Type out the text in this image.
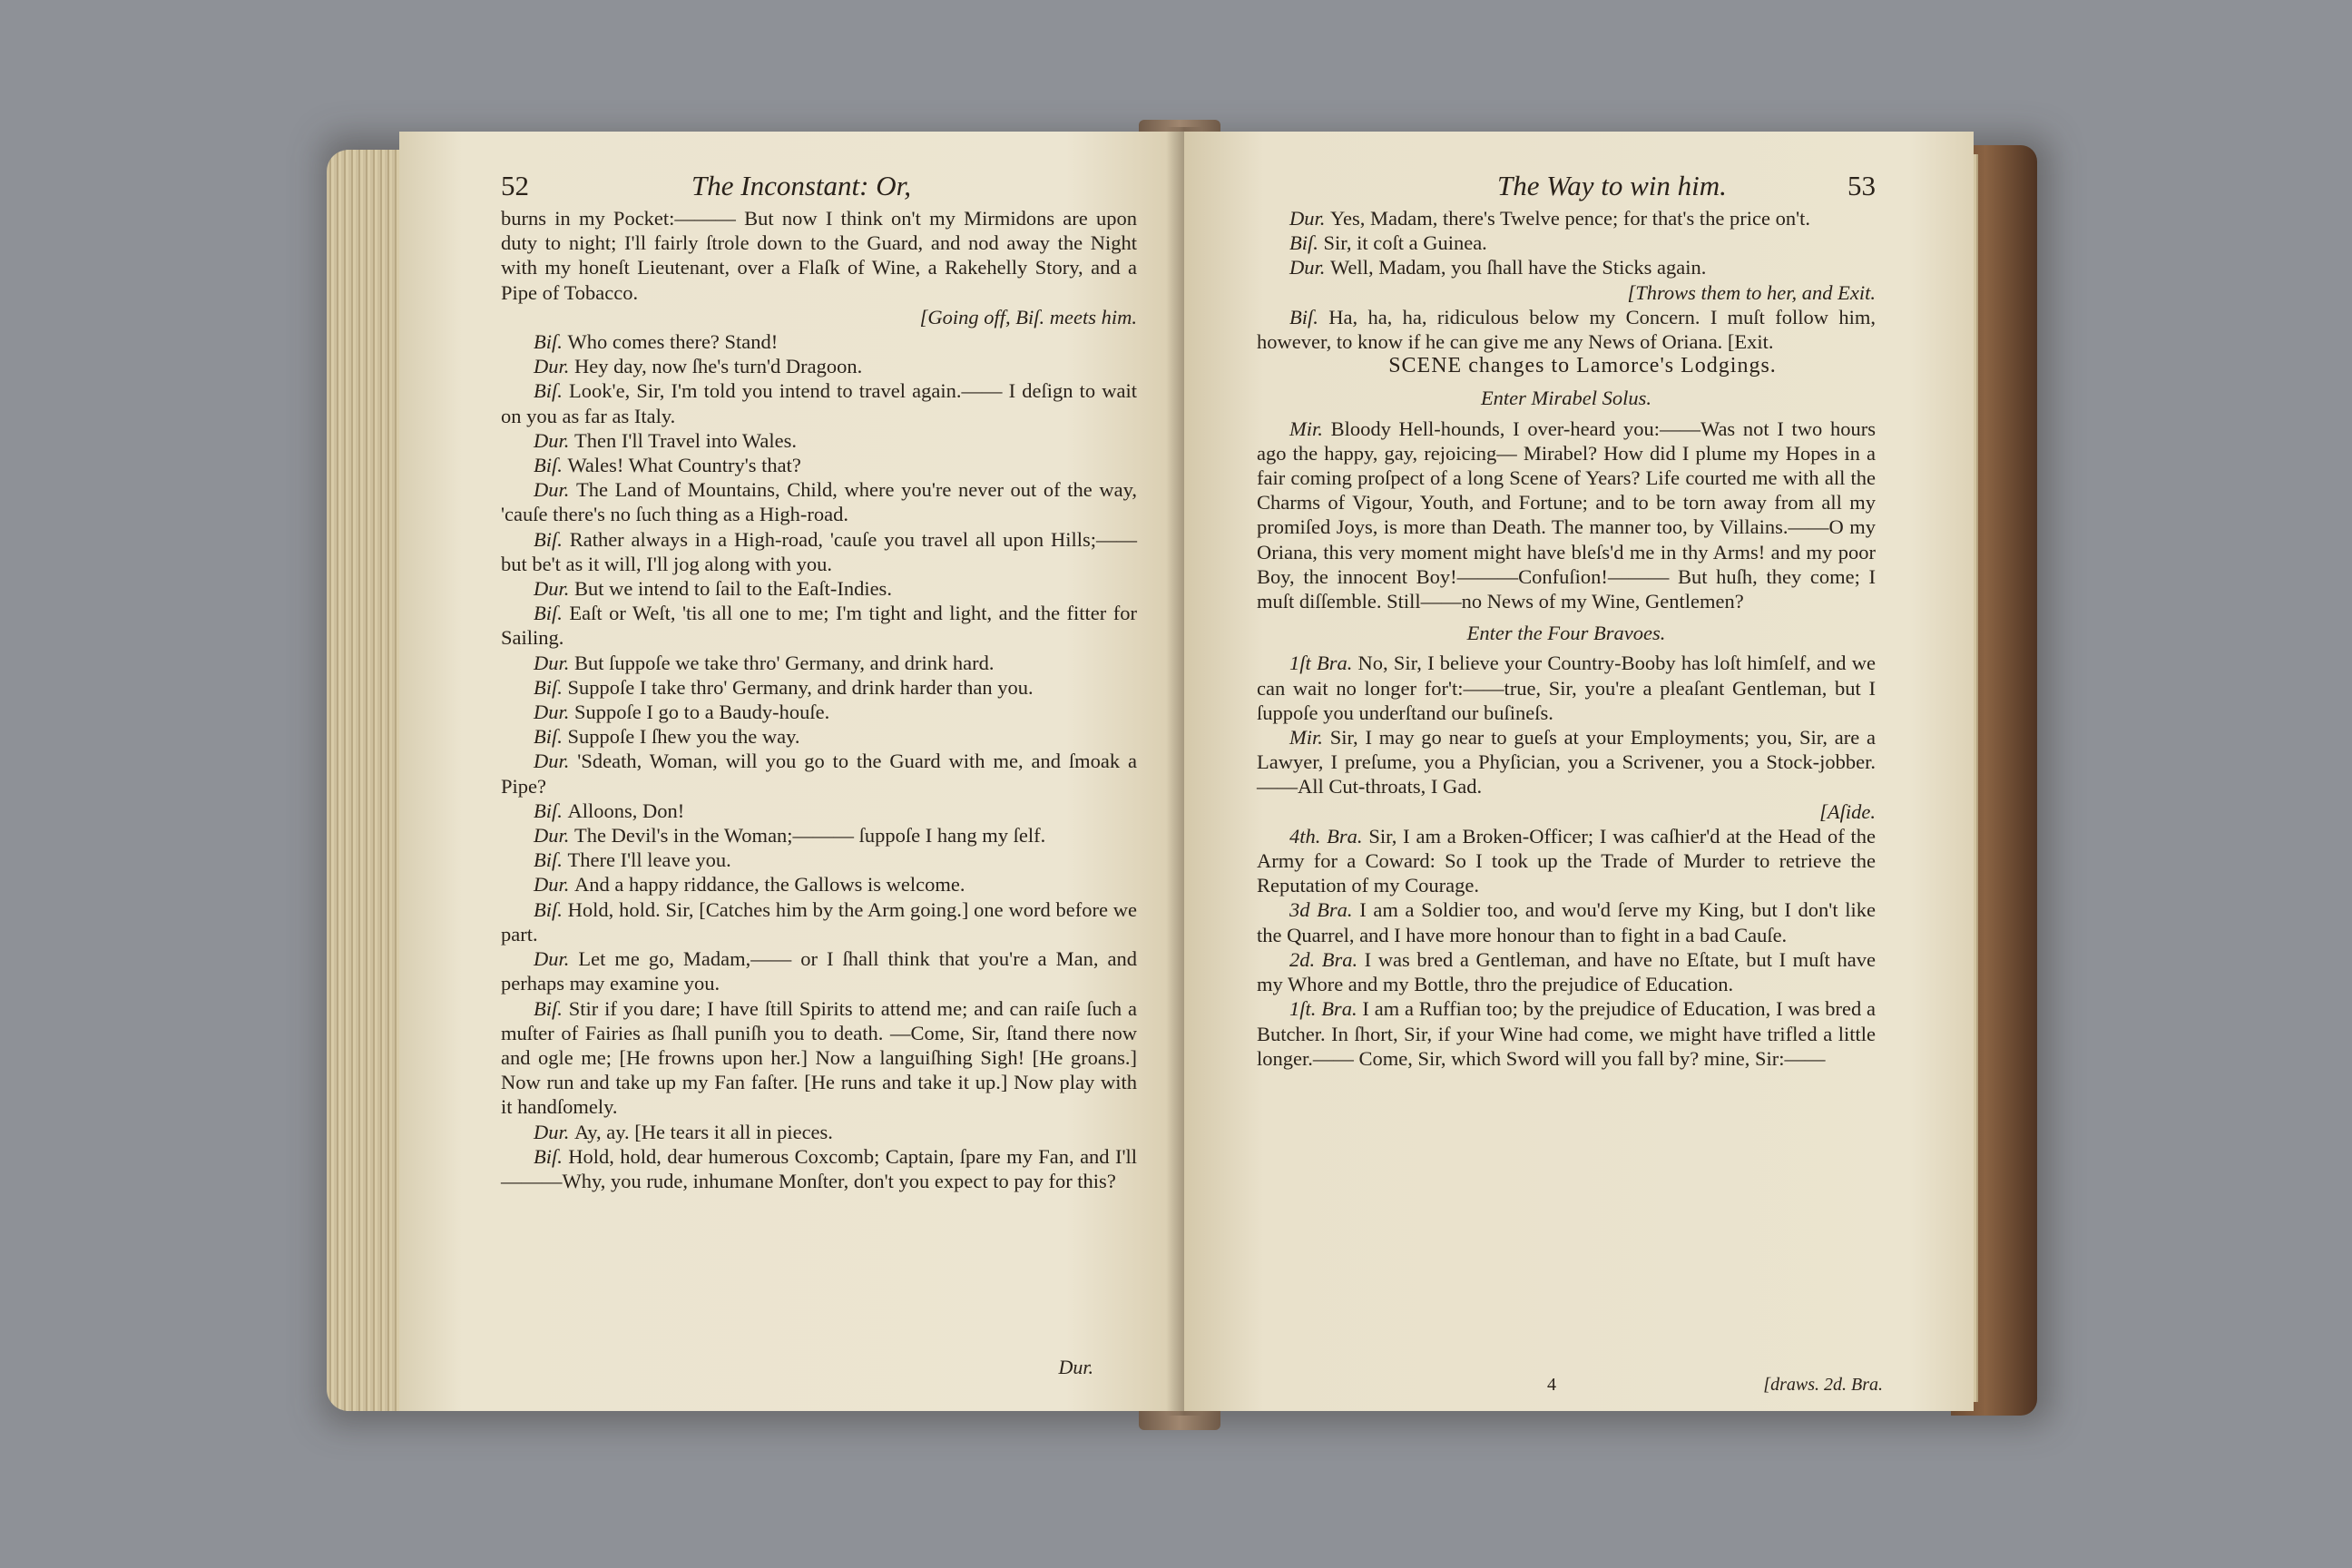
52	The Inconstant: Or,

burns in my Pocket:——— But now I think on't my Mirmidons are upon duty to night; I'll fairly ſtrole down to the Guard, and nod away the Night with my honeſt Lieutenant, over a Flaſk of Wine, a Rakehelly Story, and a Pipe of Tobacco.

[Going off, Biſ. meets him.

Biſ. Who comes there? Stand!

Dur. Hey day, now ſhe's turn'd Dragoon.

Biſ. Look'e, Sir, I'm told you intend to travel again.—— I deſign to wait on you as far as Italy.

Dur. Then I'll Travel into Wales.

Biſ. Wales! What Country's that?

Dur. The Land of Mountains, Child, where you're never out of the way, 'cauſe there's no ſuch thing as a High-road.

Biſ. Rather always in a High-road, 'cauſe you travel all upon Hills;——but be't as it will, I'll jog along with you.

Dur. But we intend to ſail to the Eaſt-Indies.

Biſ. Eaſt or Weſt, 'tis all one to me; I'm tight and light, and the fitter for Sailing.

Dur. But ſuppoſe we take thro' Germany, and drink hard.

Biſ. Suppoſe I take thro' Germany, and drink harder than you.

Dur. Suppoſe I go to a Baudy-houſe.

Biſ. Suppoſe I ſhew you the way.

Dur. 'Sdeath, Woman, will you go to the Guard with me, and ſmoak a Pipe?

Biſ. Alloons, Don!

Dur. The Devil's in the Woman;——— ſuppoſe I hang my ſelf.

Biſ. There I'll leave you.

Dur. And a happy riddance, the Gallows is welcome.

Biſ. Hold, hold. Sir, [Catches him by the Arm going.] one word before we part.

Dur. Let me go, Madam,—— or I ſhall think that you're a Man, and perhaps may examine you.

Biſ. Stir if you dare; I have ſtill Spirits to attend me; and can raiſe ſuch a muſter of Fairies as ſhall puniſh you to death. —Come, Sir, ſtand there now and ogle me; [He frowns upon her.] Now a languiſhing Sigh! [He groans.] Now run and take up my Fan faſter. [He runs and take it up.] Now play with it handſomely.

Dur. Ay, ay. [He tears it all in pieces.

Biſ. Hold, hold, dear humerous Coxcomb; Captain, ſpare my Fan, and I'll———Why, you rude, inhumane Monſter, don't you expect to pay for this?

Dur.
The Way to win him.	53

Dur. Yes, Madam, there's Twelve pence; for that's the price on't.

Biſ. Sir, it coſt a Guinea.

Dur. Well, Madam, you ſhall have the Sticks again.

[Throws them to her, and Exit.

Biſ. Ha, ha, ha, ridiculous below my Concern. I muſt follow him, however, to know if he can give me any News of Oriana. [Exit.

SCENE changes to Lamorce's Lodgings.

Enter Mirabel Solus.

Mir. Bloody Hell-hounds, I over-heard you:——Was not I two hours ago the happy, gay, rejoicing— Mirabel? How did I plume my Hopes in a fair coming proſpect of a long Scene of Years? Life courted me with all the Charms of Vigour, Youth, and Fortune; and to be torn away from all my promiſed Joys, is more than Death. The manner too, by Villains.——O my Oriana, this very moment might have bleſs'd me in thy Arms! and my poor Boy, the innocent Boy!———Confuſion!——— But huſh, they come; I muſt diſſemble. Still——no News of my Wine, Gentlemen?

Enter the Four Bravoes.

1ſt Bra. No, Sir, I believe your Country-Booby has loſt himſelf, and we can wait no longer for't:——true, Sir, you're a pleaſant Gentleman, but I ſuppoſe you underſtand our buſineſs.

Mir. Sir, I may go near to gueſs at your Employments; you, Sir, are a Lawyer, I preſume, you a Phyſician, you a Scrivener, you a Stock-jobber.——All Cut-throats, I Gad.

[Aſide.

4th. Bra. Sir, I am a Broken-Officer; I was caſhier'd at the Head of the Army for a Coward: So I took up the Trade of Murder to retrieve the Reputation of my Courage.

3d Bra. I am a Soldier too, and wou'd ſerve my King, but I don't like the Quarrel, and I have more honour than to fight in a bad Cauſe.

2d. Bra. I was bred a Gentleman, and have no Eſtate, but I muſt have my Whore and my Bottle, thro the prejudice of Education.

1ſt. Bra. I am a Ruffian too; by the prejudice of Education, I was bred a Butcher. In ſhort, Sir, if your Wine had come, we might have trifled a little longer.—— Come, Sir, which Sword will you fall by? mine, Sir:——

4	[draws. 2d. Bra.
